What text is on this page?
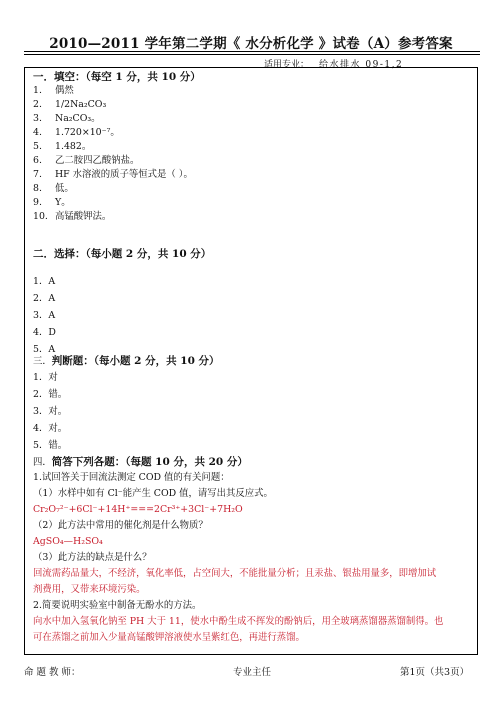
2010—2011 学年第二学期《 水分析化学 》试卷（A）参考答案
适用专业： 给水排水 09-1,2
一．填空：（每空 1 分，共 10 分）
1. 偶然
2. 1/2Na₂CO₃
3. Na₂CO₃。
4. 1.720×10⁻⁷。
5. 1.482。
6. 乙二胺四乙酸钠盐。
7. HF 水溶液的质子等恒式是（ ）。
8. 低。
9. Y。
10. 高锰酸钾法。
二．选择：（每小题 2 分，共 10 分）
1．A
2．A
3．A
4．D
5．A
三．判断题：（每小题 2 分，共 10 分）
1．对
2．错。
3．对。
4．对。
5．错。
四．简答下列各题：（每题 10 分，共 20 分）
1.试回答关于回流法测定 COD 值的有关问题：
（1）水样中如有 Cl⁻能产生 COD 值，请写出其反应式。
Cr₂O₇²⁻+6Cl⁻+14H⁺===2Cr³⁺+3Cl⁻+7H₂O
（2）此方法中常用的催化剂是什么物质？
AgSO₄—H₂SO₄
（3）此方法的缺点是什么？
回流需药品量大，不经济，氧化率低，占空间大，不能批量分析；且汞盐、银盐用量多，即增加试
剂费用，又带来环境污染。
2.简要说明实验室中制备无酚水的方法。
向水中加入氢氧化钠至 PH 大于 11，使水中酚生成不挥发的酚钠后，用全玻璃蒸馏器蒸馏制得。也
可在蒸馏之前加入少量高锰酸钾溶液使水呈紫红色，再进行蒸馏。
命 题 教 师：	专业主任	第1页（共3页）
